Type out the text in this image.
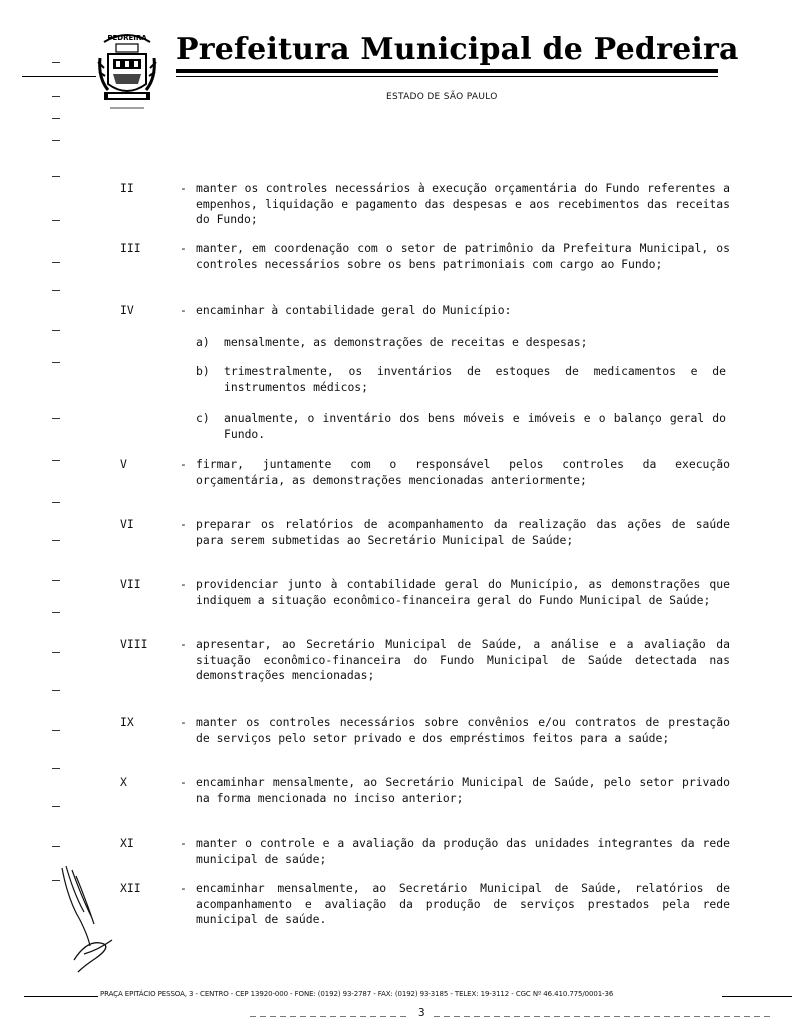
PEDREIRA Prefeitura Municipal de Pedreira
ESTADO DE SÃO PAULO
II	- manter os controles necessários à execução orçamentária do Fundo referentes a empenhos, liquidação e pagamento das despesas e aos recebimentos das receitas do Fundo;
III	- manter, em coordenação com o setor de patrimônio da Prefeitura Municipal, os controles necessários sobre os bens patrimoniais com cargo ao Fundo;
IV	- encaminhar à contabilidade geral do Município:
a) mensalmente, as demonstrações de receitas e despesas;
b) trimestralmente, os inventários de estoques de medicamentos e de instrumentos médicos;
c) anualmente, o inventário dos bens móveis e imóveis e o balanço geral do Fundo.
V	- firmar, juntamente com o responsável pelos controles da execução orçamentária, as demonstrações mencionadas anteriormente;
VI	- preparar os relatórios de acompanhamento da realização das ações de saúde para serem submetidas ao Secretário Municipal de Saúde;
VII	- providenciar junto à contabilidade geral do Município, as demonstrações que indiquem a situação econômico-financeira geral do Fundo Municipal de Saúde;
VIII	- apresentar, ao Secretário Municipal de Saúde, a análise e a avaliação da situação econômico-financeira do Fundo Municipal de Saúde detectada nas demonstrações mencionadas;
IX	- manter os controles necessários sobre convênios e/ou contratos de prestação de serviços pelo setor privado e dos empréstimos feitos para a saúde;
X	- encaminhar mensalmente, ao Secretário Municipal de Saúde, pelo setor privado na forma mencionada no inciso anterior;
XI	- manter o controle e a avaliação da produção das unidades integrantes da rede municipal de saúde;
XII	- encaminhar mensalmente, ao Secretário Municipal de Saúde, relatórios de acompanhamento e avaliação da produção de serviços prestados pela rede municipal de saúde.
PRAÇA EPITÁCIO PESSOA, 3 - CENTRO - CEP 13920-000 - FONE: (0192) 93-2787 - FAX: (0192) 93-3185 - TELEX: 19-3112 - CGC Nº 46.410.775/0001-36
3
